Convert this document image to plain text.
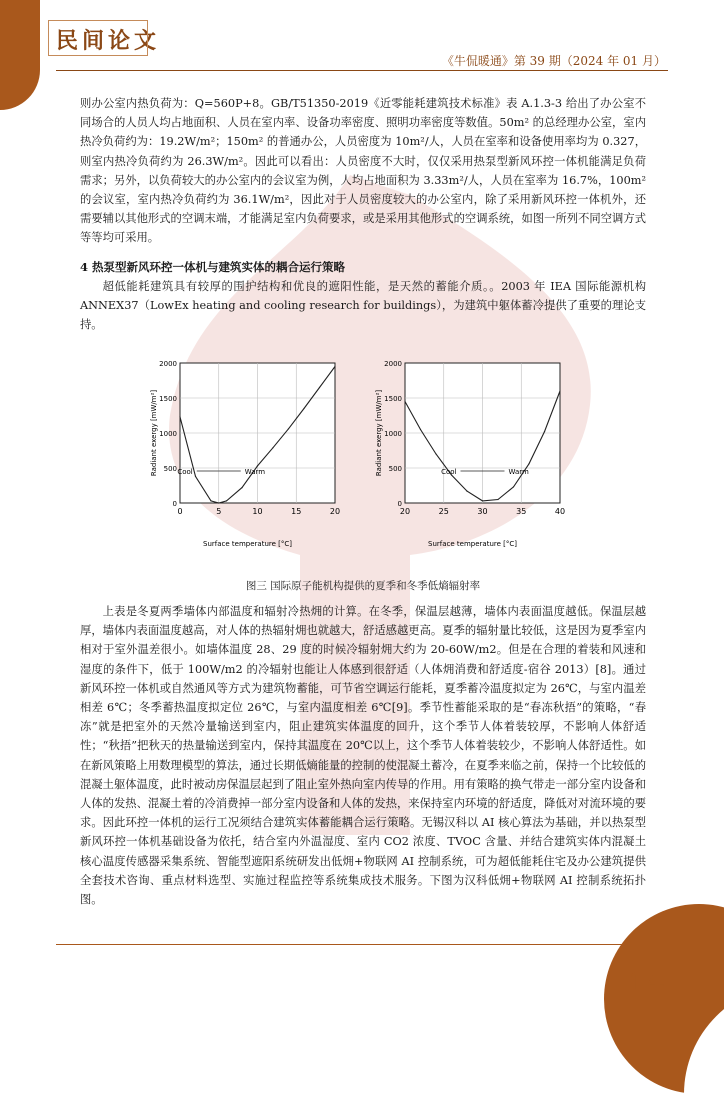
民间论文
《牛侃暖通》第 39 期（2024 年 01 月）

则办公室内热负荷为：Q=560P+8。GB/T51350-2019《近零能耗建筑技术标准》表 A.1.3-3 给出了办公室不同场合的人员人均占地面积、人员在室内率、设备功率密度、照明功率密度等数值。50m² 的总经理办公室，室内热冷负荷约为：19.2W/m²；150m² 的普通办公，人员密度为 10m²/人，人员在室率和设备使用率均为 0.327，则室内热冷负荷约为 26.3W/m²。因此可以看出：人员密度不大时，仅仅采用热泵型新风环控一体机能满足负荷需求；另外，以负荷较大的办公室内的会议室为例，人均占地面积为 3.33m²/人，人员在室率为 16.7%，100m² 的会议室，室内热冷负荷约为 36.1W/m²，因此对于人员密度较大的办公室内，除了采用新风环控一体机外，还需要辅以其他形式的空调末端，才能满足室内负荷要求，或是采用其他形式的空调系统，如图一所列不同空调方式等等均可采用。

4 热泵型新风环控一体机与建筑实体的耦合运行策略

超低能耗建筑具有较厚的围护结构和优良的遮阳性能，是天然的蓄能介质。。2003 年 IEA 国际能源机构 ANNEX37（LowEx heating and cooling research for buildings），为建筑中躯体蓄冷提供了重要的理论支持。

0	5	10	15	20
0
500
1000
1500
2000
Radiant exergy [mW/m²]
Surface temperature [°C]
Cool	Warm
20	25	30	35	40
0
500
1000
1500
2000
Radiant exergy [mW/m²]
Surface temperature [°C]
Cool	Warm
图三 国际原子能机构提供的夏季和冬季低熵辐射率

上表是冬夏两季墙体内部温度和辐射冷热㶲的计算。在冬季，保温层越薄，墙体内表面温度越低。保温层越厚，墙体内表面温度越高，对人体的热辐射㶲也就越大，舒适感越更高。夏季的辐射量比较低，这是因为夏季室内相对于室外温差很小。如墙体温度 28、29 度的时候冷辐射㶲大约为 20-60W/m2。但是在合理的着装和风速和湿度的条件下，低于 100W/m2 的冷辐射也能让人体感到很舒适（人体㶲消费和舒适度-宿谷 2013）[8]。通过新风环控一体机或自然通风等方式为建筑物蓄能，可节省空调运行能耗，夏季蓄冷温度拟定为 26℃，与室内温差相差 6℃；冬季蓄热温度拟定位 26℃，与室内温度相差 6℃[9]。季节性蓄能采取的是“春冻秋捂”的策略，“春冻”就是把室外的天然冷量输送到室内，阻止建筑实体温度的回升，这个季节人体着装较厚，不影响人体舒适性；“秋捂”把秋天的热量输送到室内，保持其温度在 20℃以上，这个季节人体着装较少，不影响人体舒适性。如在新风策略上用数理模型的算法，通过长期低熵能量的控制的使混凝土蓄冷，在夏季来临之前，保持一个比较低的混凝土躯体温度，此时被动房保温层起到了阻止室外热向室内传导的作用。用有策略的换气带走一部分室内设备和人体的发热、混凝土着的冷消费掉一部分室内设备和人体的发热，来保持室内环境的舒适度，降低对对流环境的要求。因此环控一体机的运行工况须结合建筑实体蓄能耦合运行策略。无锡汉科以 AI 核心算法为基础，并以热泵型新风环控一体机基础设备为依托，结合室内外温湿度、室内 CO2 浓度、TVOC 含量、并结合建筑实体内混凝土核心温度传感器采集系统、智能型遮阳系统研发出低㶲+物联网 AI 控制系统，可为超低能耗住宅及办公建筑提供全套技术咨询、重点材料选型、实施过程监控等系统集成技术服务。下图为汉科低㶲+物联网 AI 控制系统拓扑图。

14
